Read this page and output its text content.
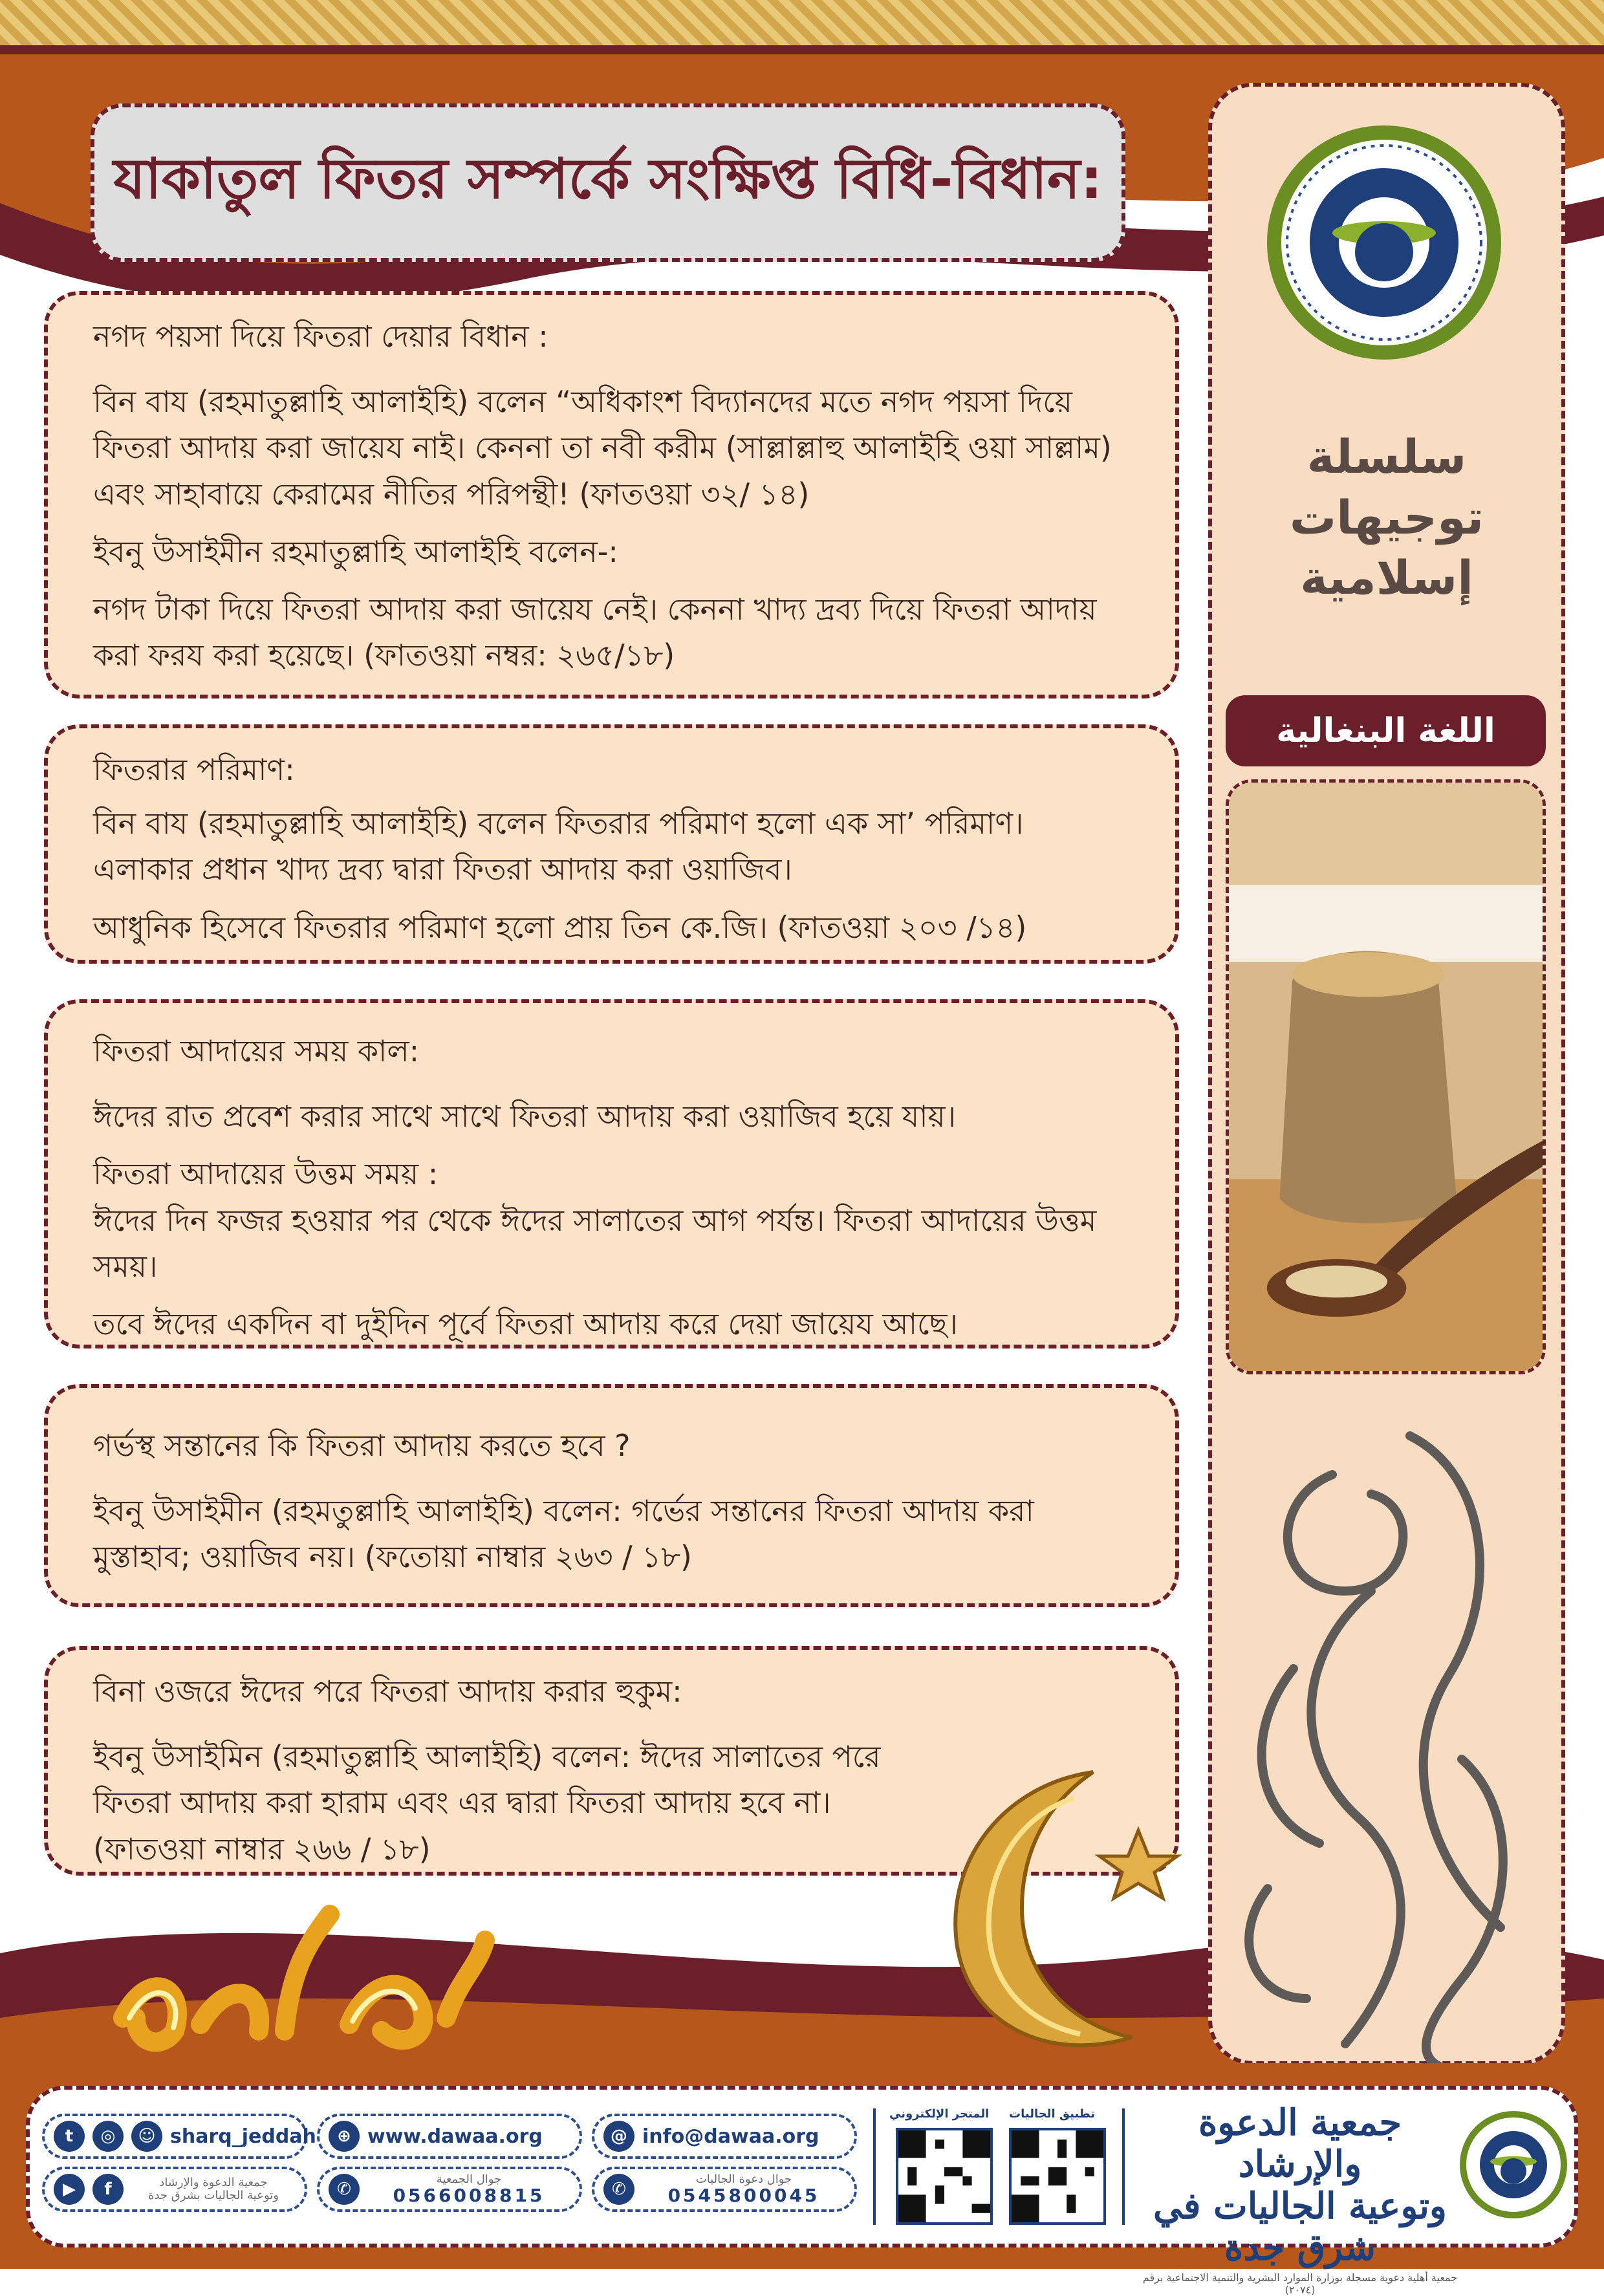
যাকাতুল ফিতর সম্পর্কে সংক্ষিপ্ত বিধি-বিধান:
নগদ পয়সা দিয়ে ফিতরা দেয়ার বিধান :

বিন বায (রহমাতুল্লাহি আলাইহি) বলেন “অধিকাংশ বিদ্যানদের মতে নগদ পয়সা দিয়ে ফিতরা আদায় করা জায়েয নাই। কেননা তা নবী করীম (সাল্লাল্লাহু আলাইহি ওয়া সাল্লাম) এবং সাহাবায়ে কেরামের নীতির পরিপন্থী! (ফাতওয়া ৩২/ ১৪)

ইবনু উসাইমীন রহমাতুল্লাহি আলাইহি বলেন-:

নগদ টাকা দিয়ে ফিতরা আদায় করা জায়েয নেই। কেননা খাদ্য দ্রব্য দিয়ে ফিতরা আদায় করা ফরয করা হয়েছে। (ফাতওয়া নম্বর: ২৬৫/১৮)

ফিতরার পরিমাণ:

বিন বায (রহমাতুল্লাহি আলাইহি) বলেন ফিতরার পরিমাণ হলো এক সা’ পরিমাণ। এলাকার প্রধান খাদ্য দ্রব্য দ্বারা ফিতরা আদায় করা ওয়াজিব।

আধুনিক হিসেবে ফিতরার পরিমাণ হলো প্রায় তিন কে.জি। (ফাতওয়া ২০৩ /১৪)

ফিতরা আদায়ের সময় কাল:

ঈদের রাত প্রবেশ করার সাথে সাথে ফিতরা আদায় করা ওয়াজিব হয়ে যায়।

ফিতরা আদায়ের উত্তম সময় :

ঈদের দিন ফজর হওয়ার পর থেকে ঈদের সালাতের আগ পর্যন্ত। ফিতরা আদায়ের উত্তম সময়।

তবে ঈদের একদিন বা দুইদিন পূর্বে ফিতরা আদায় করে দেয়া জায়েয আছে।

গর্ভস্থ সন্তানের কি ফিতরা আদায় করতে হবে ?

ইবনু উসাইমীন (রহমতুল্লাহি আলাইহি) বলেন: গর্ভের সন্তানের ফিতরা আদায় করা মুস্তাহাব; ওয়াজিব নয়। (ফতোয়া নাম্বার ২৬৩ / ১৮)

বিনা ওজরে ঈদের পরে ফিতরা আদায় করার হুকুম:

ইবনু উসাইমিন (রহমাতুল্লাহি আলাইহি) বলেন: ঈদের সালাতের পরে ফিতরা আদায় করা হারাম এবং এর দ্বারা ফিতরা আদায় হবে না। (ফাতওয়া নাম্বার ২৬৬ / ১৮)

سلسلة
توجيهات
إسلامية
اللغة البنغالية
t	◎	☺ sharq_jeddah
▶	f	جمعية الدعوة والإرشاد
وتوعية الجاليات بشرق جدة
⊕ www.dawaa.org
✆
جوال الجمعية
0566008815
@ info@dawaa.org
✆
جوال دعوة الجاليات
0545800045
المتجر الإلكتروني تطبيق الجاليات	جمعية الدعوة والإرشاد
وتوعية الجاليات في شرق جدة
جمعية أهلية دعوية مسجلة بوزارة الموارد البشرية والتنمية الاجتماعية برقم (٢٠٧٤)
